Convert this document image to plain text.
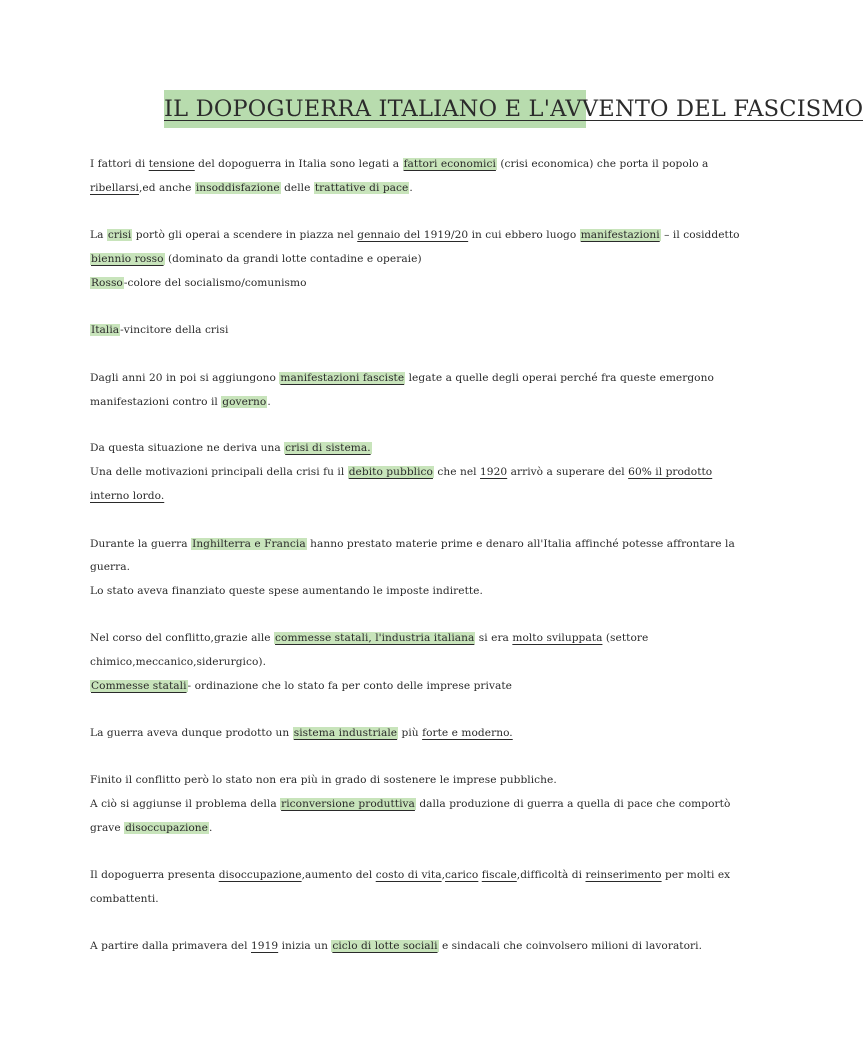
IL DOPOGUERRA ITALIANO E L'AVVENTO DEL FASCISMO
I fattori di tensione del dopoguerra in Italia sono legati a fattori economici (crisi economica) che porta il popolo a
ribellarsi,ed anche insoddisfazione delle trattative di pace.
La crisi portò gli operai a scendere in piazza nel gennaio del 1919/20 in cui ebbero luogo manifestazioni – il cosiddetto
biennio rosso (dominato da grandi lotte contadine e operaie)
Rosso-colore del socialismo/comunismo
Italia-vincitore della crisi
Dagli anni 20 in poi si aggiungono manifestazioni fasciste legate a quelle degli operai perché fra queste emergono
manifestazioni contro il governo.
Da questa situazione ne deriva una crisi di sistema.
Una delle motivazioni principali della crisi fu il debito pubblico che nel 1920 arrivò a superare del 60% il prodotto
interno lordo.
Durante la guerra Inghilterra e Francia hanno prestato materie prime e denaro all'Italia affinché potesse affrontare la
guerra.
Lo stato aveva finanziato queste spese aumentando le imposte indirette.
Nel corso del conflitto,grazie alle commesse statali, l'industria italiana si era molto sviluppata (settore
chimico,meccanico,siderurgico).
Commesse statali- ordinazione che lo stato fa per conto delle imprese private
La guerra aveva dunque prodotto un sistema industriale più forte e moderno.
Finito il conflitto però lo stato non era più in grado di sostenere le imprese pubbliche.
A ciò si aggiunse il problema della riconversione produttiva dalla produzione di guerra a quella di pace che comportò
grave disoccupazione.
Il dopoguerra presenta disoccupazione,aumento del costo di vita,carico fiscale,difficoltà di reinserimento per molti ex
combattenti.
A partire dalla primavera del 1919 inizia un ciclo di lotte sociali e sindacali che coinvolsero milioni di lavoratori.
